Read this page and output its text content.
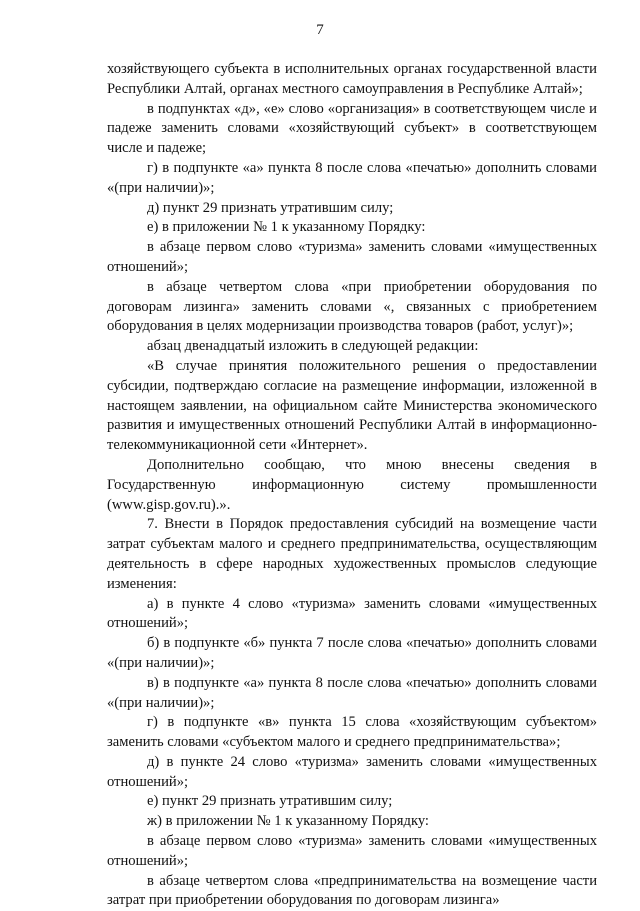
7

хозяйствующего субъекта в исполнительных органах государственной власти Республики Алтай, органах местного самоуправления в Республике Алтай»;

в подпунктах «д», «е» слово «организация» в соответствующем числе и падеже заменить словами «хозяйствующий субъект» в соответствующем числе и падеже;

г) в подпункте «а» пункта 8 после слова «печатью» дополнить словами «(при наличии)»;

д) пункт 29 признать утратившим силу;

е) в приложении № 1 к указанному Порядку:

в абзаце первом слово «туризма» заменить словами «имущественных отношений»;

в абзаце четвертом слова «при приобретении оборудования по договорам лизинга» заменить словами «, связанных с приобретением оборудования в целях модернизации производства товаров (работ, услуг)»;

абзац двенадцатый изложить в следующей редакции:

«В случае принятия положительного решения о предоставлении субсидии, подтверждаю согласие на размещение информации, изложенной в настоящем заявлении, на официальном сайте Министерства экономического развития и имущественных отношений Республики Алтай в информационно-телекоммуникационной сети «Интернет».

Дополнительно сообщаю, что мною внесены сведения в Государственную информационную систему промышленности (www.gisp.gov.ru).».

7. Внести в Порядок предоставления субсидий на возмещение части затрат субъектам малого и среднего предпринимательства, осуществляющим деятельность в сфере народных художественных промыслов следующие изменения:

а) в пункте 4 слово «туризма» заменить словами «имущественных отношений»;

б) в подпункте «б» пункта 7 после слова «печатью» дополнить словами «(при наличии)»;

в) в подпункте «а» пункта 8 после слова «печатью» дополнить словами «(при наличии)»;

г) в подпункте «в» пункта 15 слова «хозяйствующим субъектом» заменить словами «субъектом малого и среднего предпринимательства»;

д) в пункте 24 слово «туризма» заменить словами «имущественных отношений»;

е) пункт 29 признать утратившим силу;

ж) в приложении № 1 к указанному Порядку:

в абзаце первом слово «туризма» заменить словами «имущественных отношений»;

в абзаце четвертом слова «предпринимательства на возмещение части затрат при приобретении оборудования по договорам лизинга»
